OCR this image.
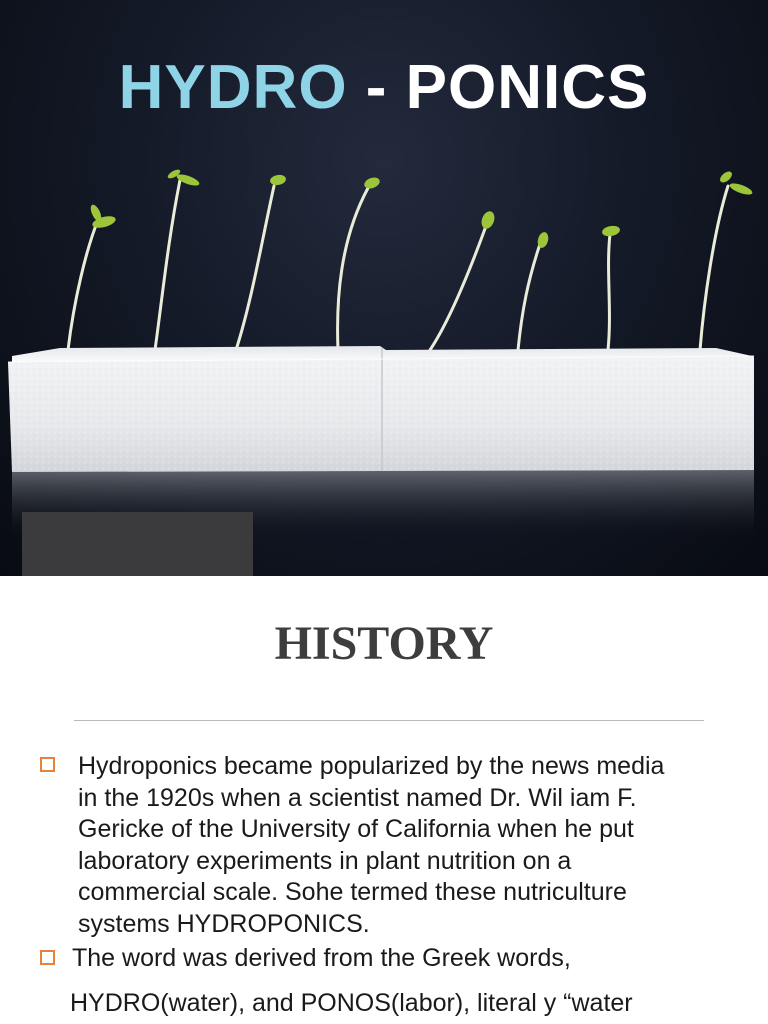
HYDRO - PONICS
HISTORY

Hydroponics became popularized by the news media
in the 1920s when a scientist named Dr. Wil iam F.
Gericke of the University of California when he put
laboratory experiments in plant nutrition on a
commercial scale. Sohe termed these nutriculture
systems HYDROPONICS.

The word was derived from the Greek words,

HYDRO(water), and PONOS(labor), literal y “water
